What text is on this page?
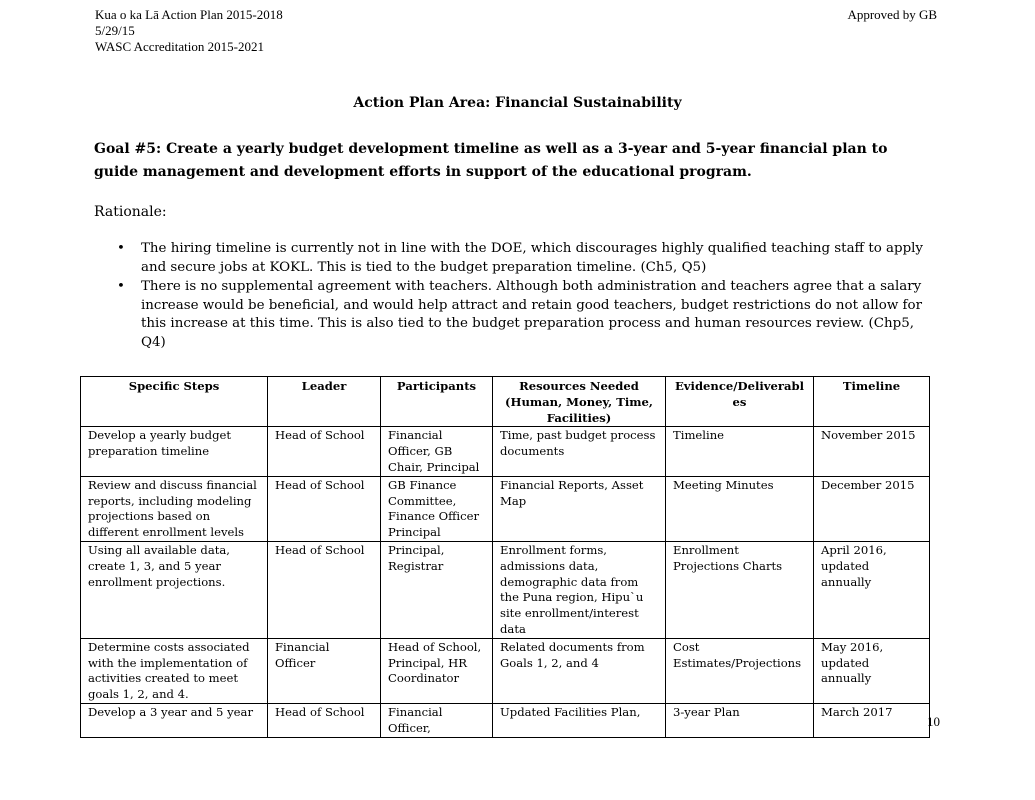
Kua o ka Lā Action Plan 2015-2018
5/29/15
WASC Accreditation 2015-2021
Approved by GB
Action Plan Area: Financial Sustainability
Goal #5: Create a yearly budget development timeline as well as a 3-year and 5-year financial plan to guide management and development efforts in support of the educational program.
Rationale:
• The hiring timeline is currently not in line with the DOE, which discourages highly qualified teaching staff to apply and secure jobs at KOKL. This is tied to the budget preparation timeline. (Ch5, Q5)
• There is no supplemental agreement with teachers. Although both administration and teachers agree that a salary increase would be beneficial, and would help attract and retain good teachers, budget restrictions do not allow for this increase at this time. This is also tied to the budget preparation process and human resources review. (Chp5, Q4)
Specific Steps	Leader	Participants	Resources Needed (Human, Money, Time, Facilities)	Evidence/Deliverables	Timeline
Develop a yearly budget preparation timeline	Head of School	Financial Officer, GB Chair, Principal	Time, past budget process documents	Timeline	November 2015
Review and discuss financial reports, including modeling projections based on different enrollment levels	Head of School	GB Finance Committee, Finance Officer Principal	Financial Reports, Asset Map	Meeting Minutes	December 2015
Using all available data, create 1, 3, and 5 year enrollment projections.	Head of School	Principal, Registrar	Enrollment forms, admissions data, demographic data from the Puna region, Hipu`u site enrollment/interest data	Enrollment Projections Charts	April 2016, updated annually
Determine costs associated with the implementation of activities created to meet goals 1, 2, and 4.	Financial Officer	Head of School, Principal, HR Coordinator	Related documents from Goals 1, 2, and 4	Cost Estimates/Projections	May 2016, updated annually
Develop a 3 year and 5 year	Head of School	Financial Officer,	Updated Facilities Plan,	3-year Plan	March 2017
10
